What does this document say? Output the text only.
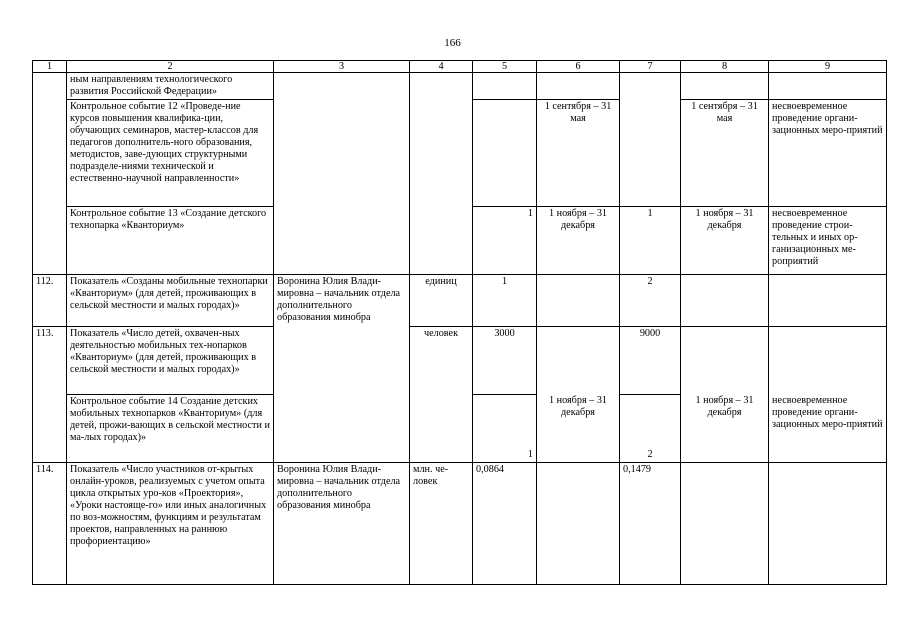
166
1	2	3	4	5	6	7	8	9
	ным направлениям технологического развития Российской Федерации»							
	Контрольное событие 12 «Проведе-ние курсов повышения квалифика-ции, обучающих семинаров, мастер-классов для педагогов дополнитель-ного образования, методистов, заве-дующих структурными подразделе-ниями технической и естественно-научной направленности»				1 сентября – 31 мая		1 сентября – 31 мая	несвоевременное проведение органи-зационных меро-приятий
	Контрольное событие 13 «Создание детского технопарка «Кванториум»			1	1 ноября – 31 декабря	1	1 ноября – 31 декабря	несвоевременное проведение строи-тельных и иных ор-ганизационных ме-роприятий
112.	Показатель «Созданы мобильные технопарки «Кванториум» (для детей, проживающих в сельской местности и малых городах)»	Воронина Юлия Влади-мировна – начальник отдела дополнительного образования минобра	единиц	1		2		
113.	Показатель «Число детей, охвачен-ных деятельностью мобильных тех-нопарков «Кванториум» (для детей, проживающих в сельской местности и малых городах)»		человек	3000	1 ноября – 31 декабря	9000	1 ноября – 31 декабря	несвоевременное проведение органи-зационных меро-приятий

	Контрольное событие 14 Создание детских мобильных технопарков «Кванториум» (для детей, прожи-вающих в сельской местности и ма-лых городах)»			1		2		
114.	Показатель «Число участников от-крытых онлайн-уроков, реализуемых с учетом опыта цикла открытых уро-ков «Проектория», «Уроки настояще-го» или иных аналогичных по воз-можностям, функциям и результатам проектов, направленных на раннюю профориентацию»	Воронина Юлия Влади-мировна – начальник отдела дополнительного образования минобра	млн. че-ловек	0,0864		0,1479		
